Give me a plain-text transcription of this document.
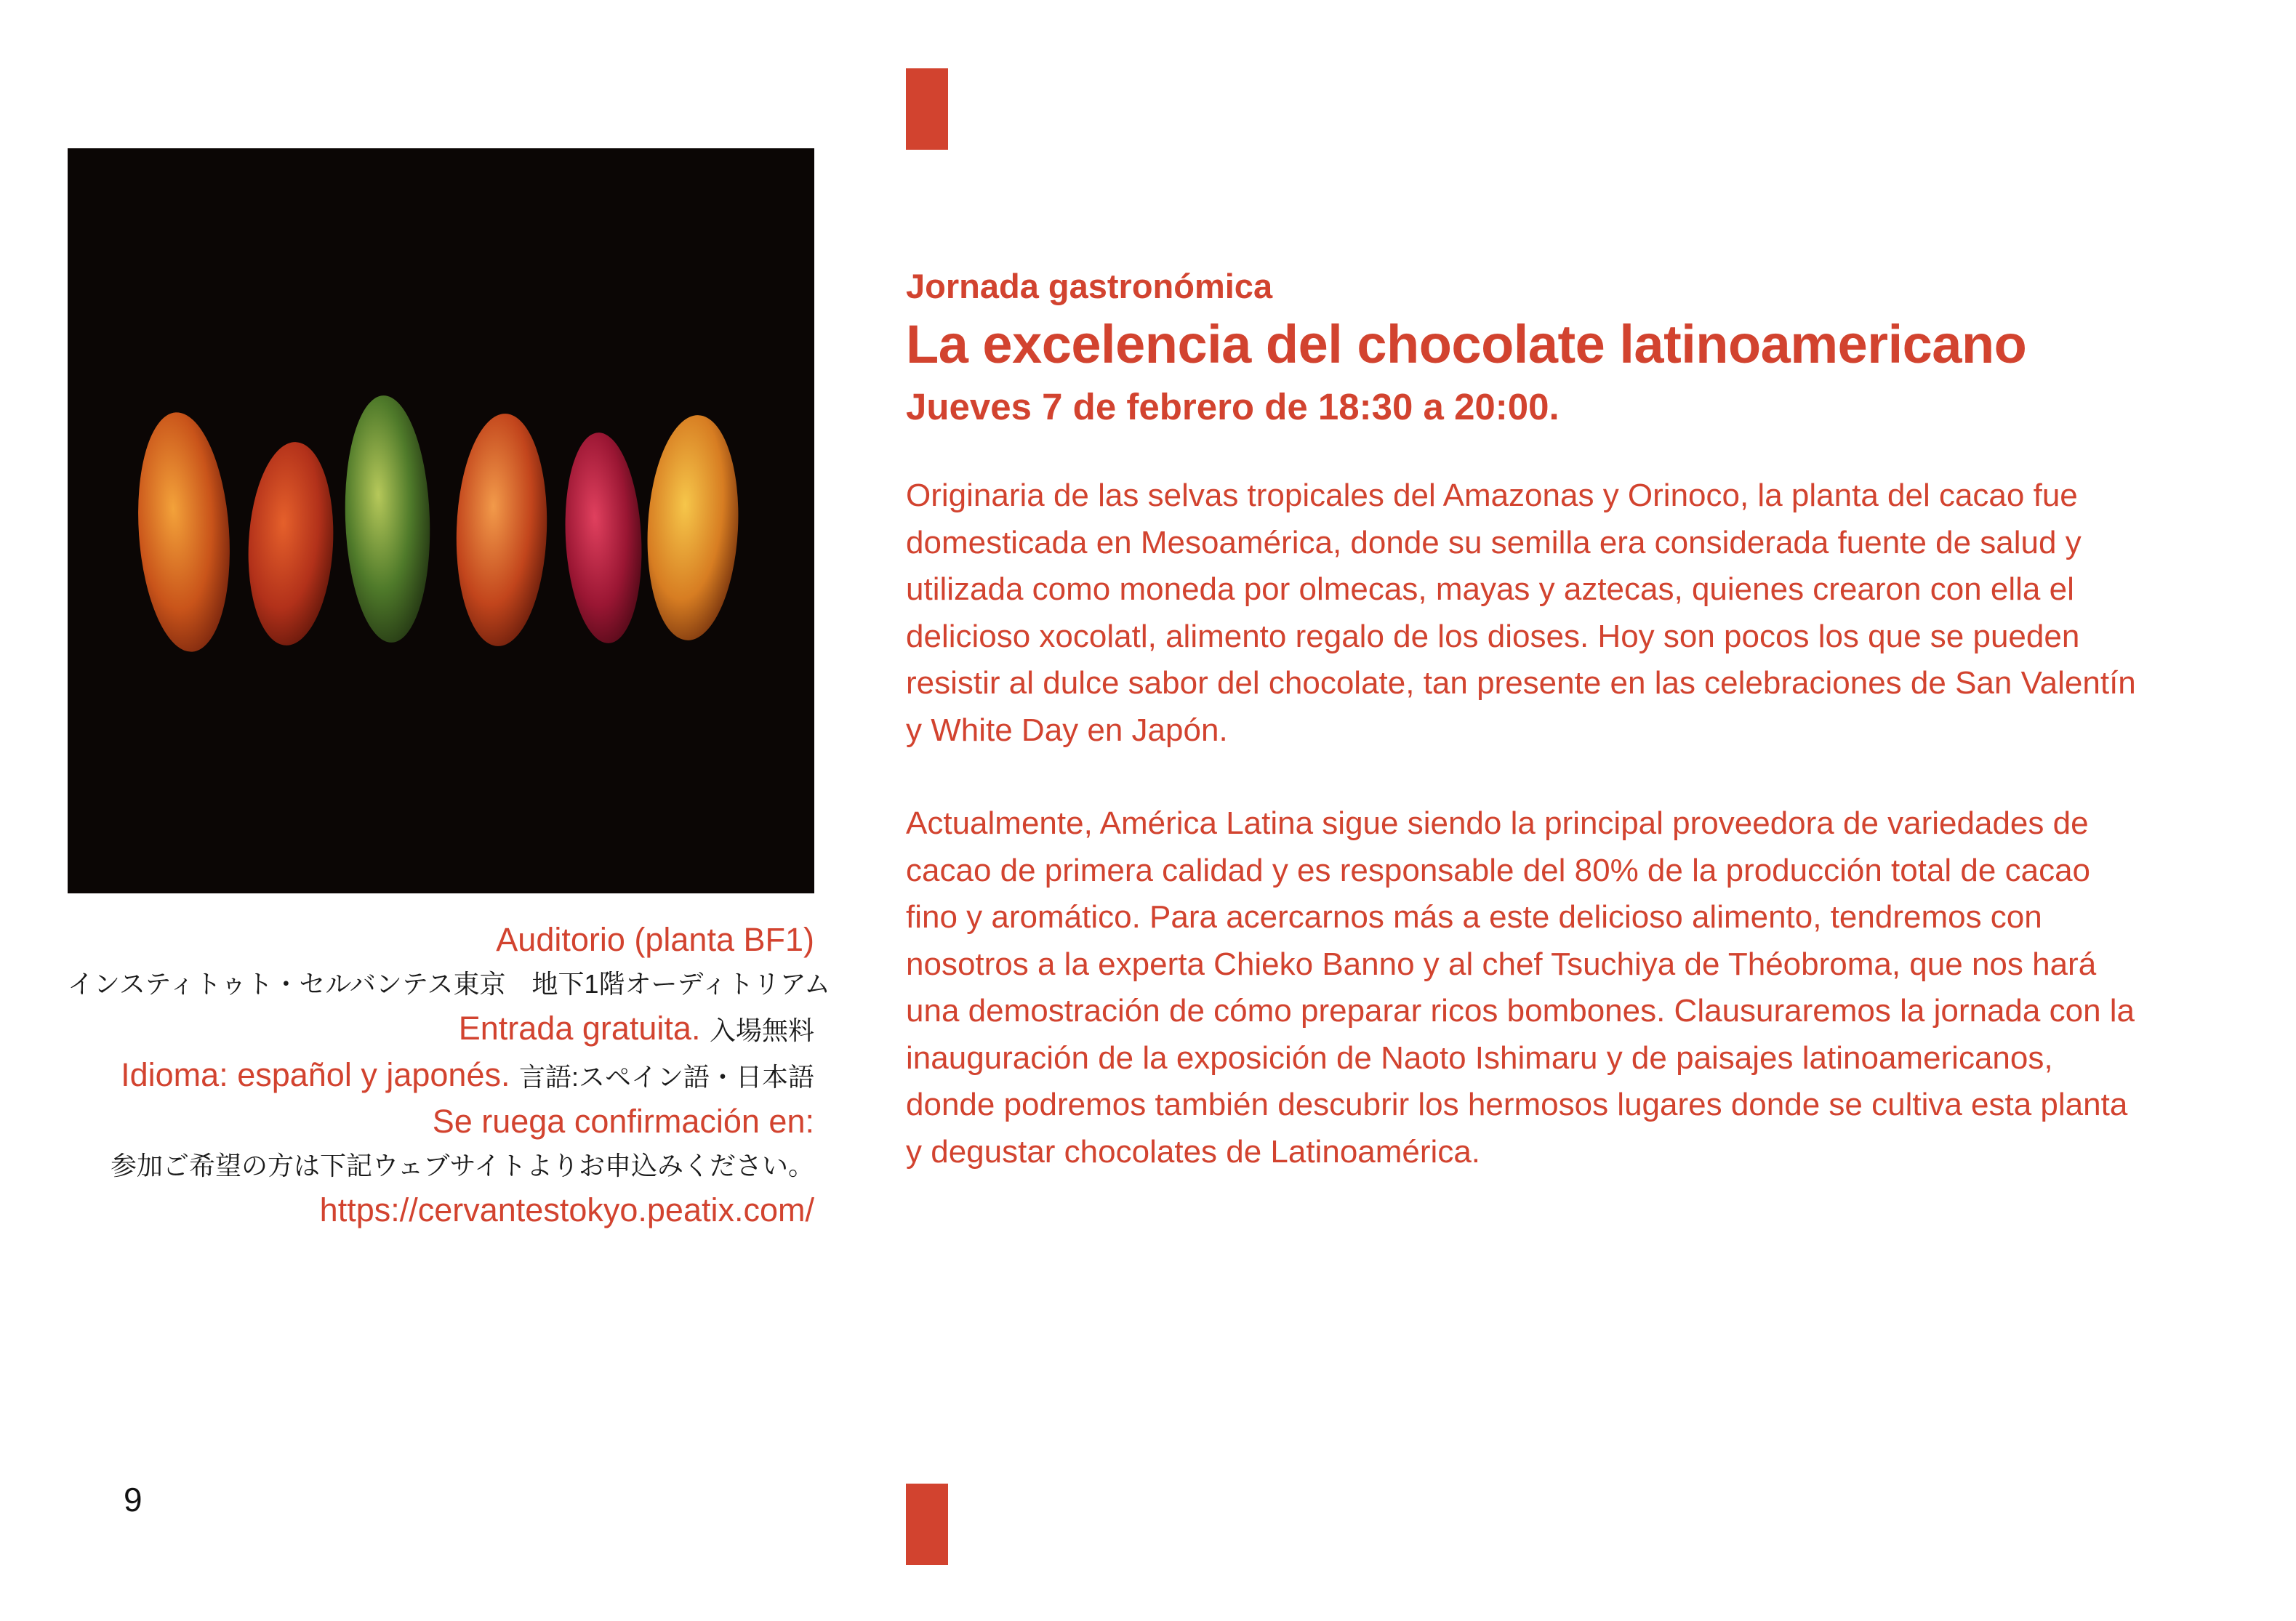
Auditorio (planta BF1)
インスティトゥト・セルバンテス東京　地下1階オーディトリアム
Entrada gratuita. 入場無料
Idioma: español y japonés. 言語:スペイン語・日本語
Se ruega confirmación en:
参加ご希望の方は下記ウェブサイトよりお申込みください。
https://cervantestokyo.peatix.com/

Jornada gastronómica

La excelencia del chocolate latinoamericano

Jueves 7 de febrero de 18:30 a 20:00.

Originaria de las selvas tropicales del Amazonas y Orinoco, la planta del cacao fue domesticada en Mesoamérica, donde su semilla era considerada fuente de salud y utilizada como moneda por olmecas, mayas y aztecas, quienes crearon con ella el delicioso xocolatl, alimento regalo de los dioses. Hoy son pocos los que se pueden resistir al dulce sabor del chocolate, tan presente en las celebraciones de San Valentín y White Day en Japón.

Actualmente, América Latina sigue siendo la principal proveedora de variedades de cacao de primera calidad y es responsable del 80% de la producción total de cacao fino y aromático. Para acercarnos más a este delicioso alimento, tendremos con nosotros a la experta Chieko Banno y al chef Tsuchiya de Théobroma, que nos hará una demostración de cómo preparar ricos bombones. Clausuraremos la jornada con la inauguración de la exposición de Naoto Ishimaru y de paisajes latinoamericanos, donde podremos también descubrir los hermosos lugares donde se cultiva esta planta y degustar chocolates de Latinoamérica.

9
